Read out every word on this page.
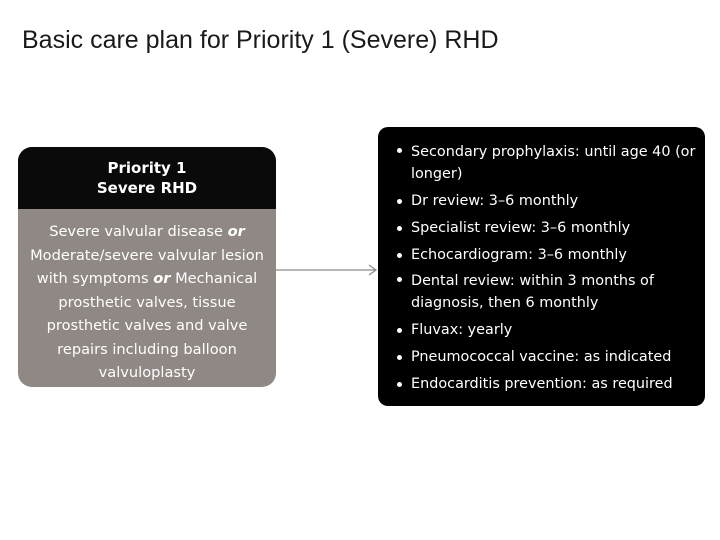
Basic care plan for Priority 1 (Severe) RHD
Priority 1
Severe RHD
Severe valvular disease or Moderate/severe valvular lesion with symptoms or Mechanical prosthetic valves, tissue prosthetic valves and valve repairs including balloon valvuloplasty
Secondary prophylaxis: until age 40 (or longer)
Dr review: 3–6 monthly
Specialist review: 3–6 monthly
Echocardiogram: 3–6 monthly
Dental review: within 3 months of diagnosis, then 6 monthly
Fluvax: yearly
Pneumococcal vaccine: as indicated
Endocarditis prevention: as required
